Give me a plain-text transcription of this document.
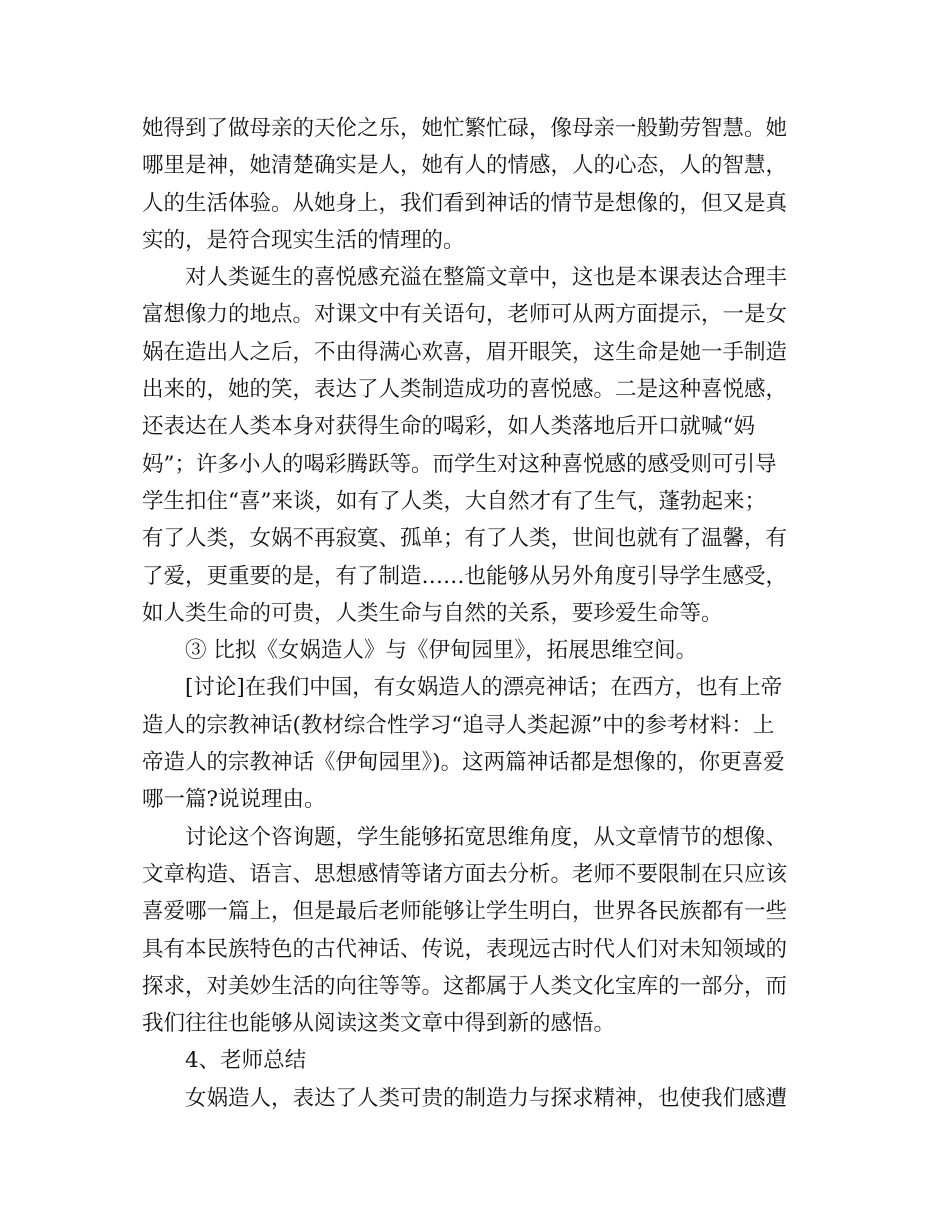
她得到了做母亲的天伦之乐，她忙繁忙碌，像母亲一般勤劳智慧。她
哪里是神，她清楚确实是人，她有人的情感，人的心态，人的智慧，
人的生活体验。从她身上，我们看到神话的情节是想像的，但又是真
实的，是符合现实生活的情理的。
对人类诞生的喜悦感充溢在整篇文章中，这也是本课表达合理丰
富想像力的地点。对课文中有关语句，老师可从两方面提示，一是女
娲在造出人之后，不由得满心欢喜，眉开眼笑，这生命是她一手制造
出来的，她的笑，表达了人类制造成功的喜悦感。二是这种喜悦感，
还表达在人类本身对获得生命的喝彩，如人类落地后开口就喊“妈
妈”；许多小人的喝彩腾跃等。而学生对这种喜悦感的感受则可引导
学生扣住“喜”来谈，如有了人类，大自然才有了生气，蓬勃起来；
有了人类，女娲不再寂寞、孤单；有了人类，世间也就有了温馨，有
了爱，更重要的是，有了制造……也能够从另外角度引导学生感受，
如人类生命的可贵，人类生命与自然的关系，要珍爱生命等。
③ 比拟《女娲造人》与《伊甸园里》，拓展思维空间。
[讨论]在我们中国，有女娲造人的漂亮神话；在西方，也有上帝
造人的宗教神话(教材综合性学习“追寻人类起源”中的参考材料：上
帝造人的宗教神话《伊甸园里》)。这两篇神话都是想像的，你更喜爱
哪一篇?说说理由。
讨论这个咨询题，学生能够拓宽思维角度，从文章情节的想像、
文章构造、语言、思想感情等诸方面去分析。老师不要限制在只应该
喜爱哪一篇上，但是最后老师能够让学生明白，世界各民族都有一些
具有本民族特色的古代神话、传说，表现远古时代人们对未知领域的
探求，对美妙生活的向往等等。这都属于人类文化宝库的一部分，而
我们往往也能够从阅读这类文章中得到新的感悟。
4、老师总结
女娲造人，表达了人类可贵的制造力与探求精神，也使我们感遭
